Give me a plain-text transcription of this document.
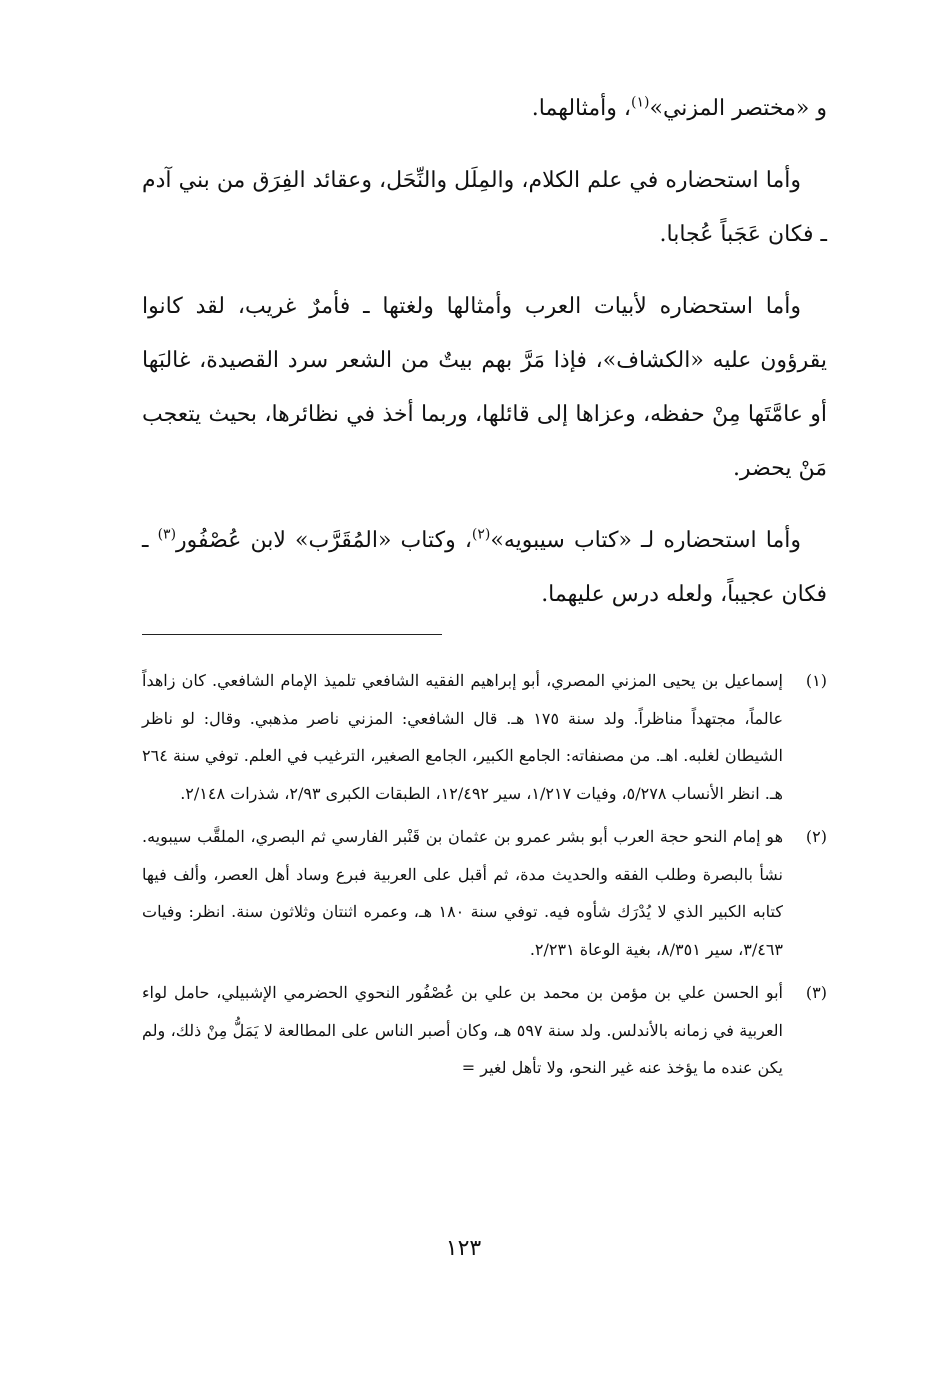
و «مختصر المزني»$^{(١)}$، وأمثالهما.

وأما استحضاره في علم الكلام، والمِلَل والنِّحَل، وعقائد الفِرَق من بني آدم ـ فكان عَجَباً عُجابا.

وأما استحضاره لأبيات العرب وأمثالها ولغتها ـ فأمرٌ غريب، لقد كانوا يقرؤون عليه «الكشاف»، فإذا مَرَّ بهم بيتٌ من الشعر سرد القصيدة، غالبَها أو عامَّتَها مِنْ حفظه، وعزاها إلى قائلها، وربما أخذ في نظائرها، بحيث يتعجب مَنْ يحضر.

وأما استحضاره لـ «كتاب سيبويه»$^{(٢)}$، وكتاب «المُقَرَّب» لابن عُصْفُور$^{(٣)}$ ـ فكان عجيباً، ولعله درس عليهما.

(١)
إسماعيل بن يحيى المزني المصري، أبو إبراهيم الفقيه الشافعي تلميذ الإمام الشافعي. كان زاهداً عالماً، مجتهداً مناظراً. ولد سنة ١٧٥ هـ. قال الشافعي: المزني ناصر مذهبي. وقال: لو ناظر الشيطان لغلبه. اهـ. من مصنفاته: الجامع الكبير، الجامع الصغير، الترغيب في العلم. توفي سنة ٢٦٤ هـ. انظر الأنساب ٥/٢٧٨، وفيات ١/٢١٧، سير ١٢/٤٩٢، الطبقات الكبرى ٢/٩٣، شذرات ٢/١٤٨.

(٢)
هو إمام النحو حجة العرب أبو بشر عمرو بن عثمان بن قَنْبر الفارسي ثم البصري، الملقَّب سيبويه. نشأ بالبصرة وطلب الفقه والحديث مدة، ثم أقبل على العربية فبرع وساد أهل العصر، وألف فيها كتابه الكبير الذي لا يُدْرَك شأوه فيه. توفي سنة ١٨٠ هـ، وعمره اثنتان وثلاثون سنة. انظر: وفيات ٣/٤٦٣، سير ٨/٣٥١، بغية الوعاة ٢/٢٣١.

(٣)
أبو الحسن علي بن مؤمن بن محمد بن علي بن عُصْفُور النحوي الحضرمي الإشبيلي، حامل لواء العربية في زمانه بالأندلس. ولد سنة ٥٩٧ هـ، وكان أصبر الناس على المطالعة لا يَمَلُّ مِنْ ذلك، ولم يكن عنده ما يؤخذ عنه غير النحو، ولا تأهل لغير =

١٢٣
